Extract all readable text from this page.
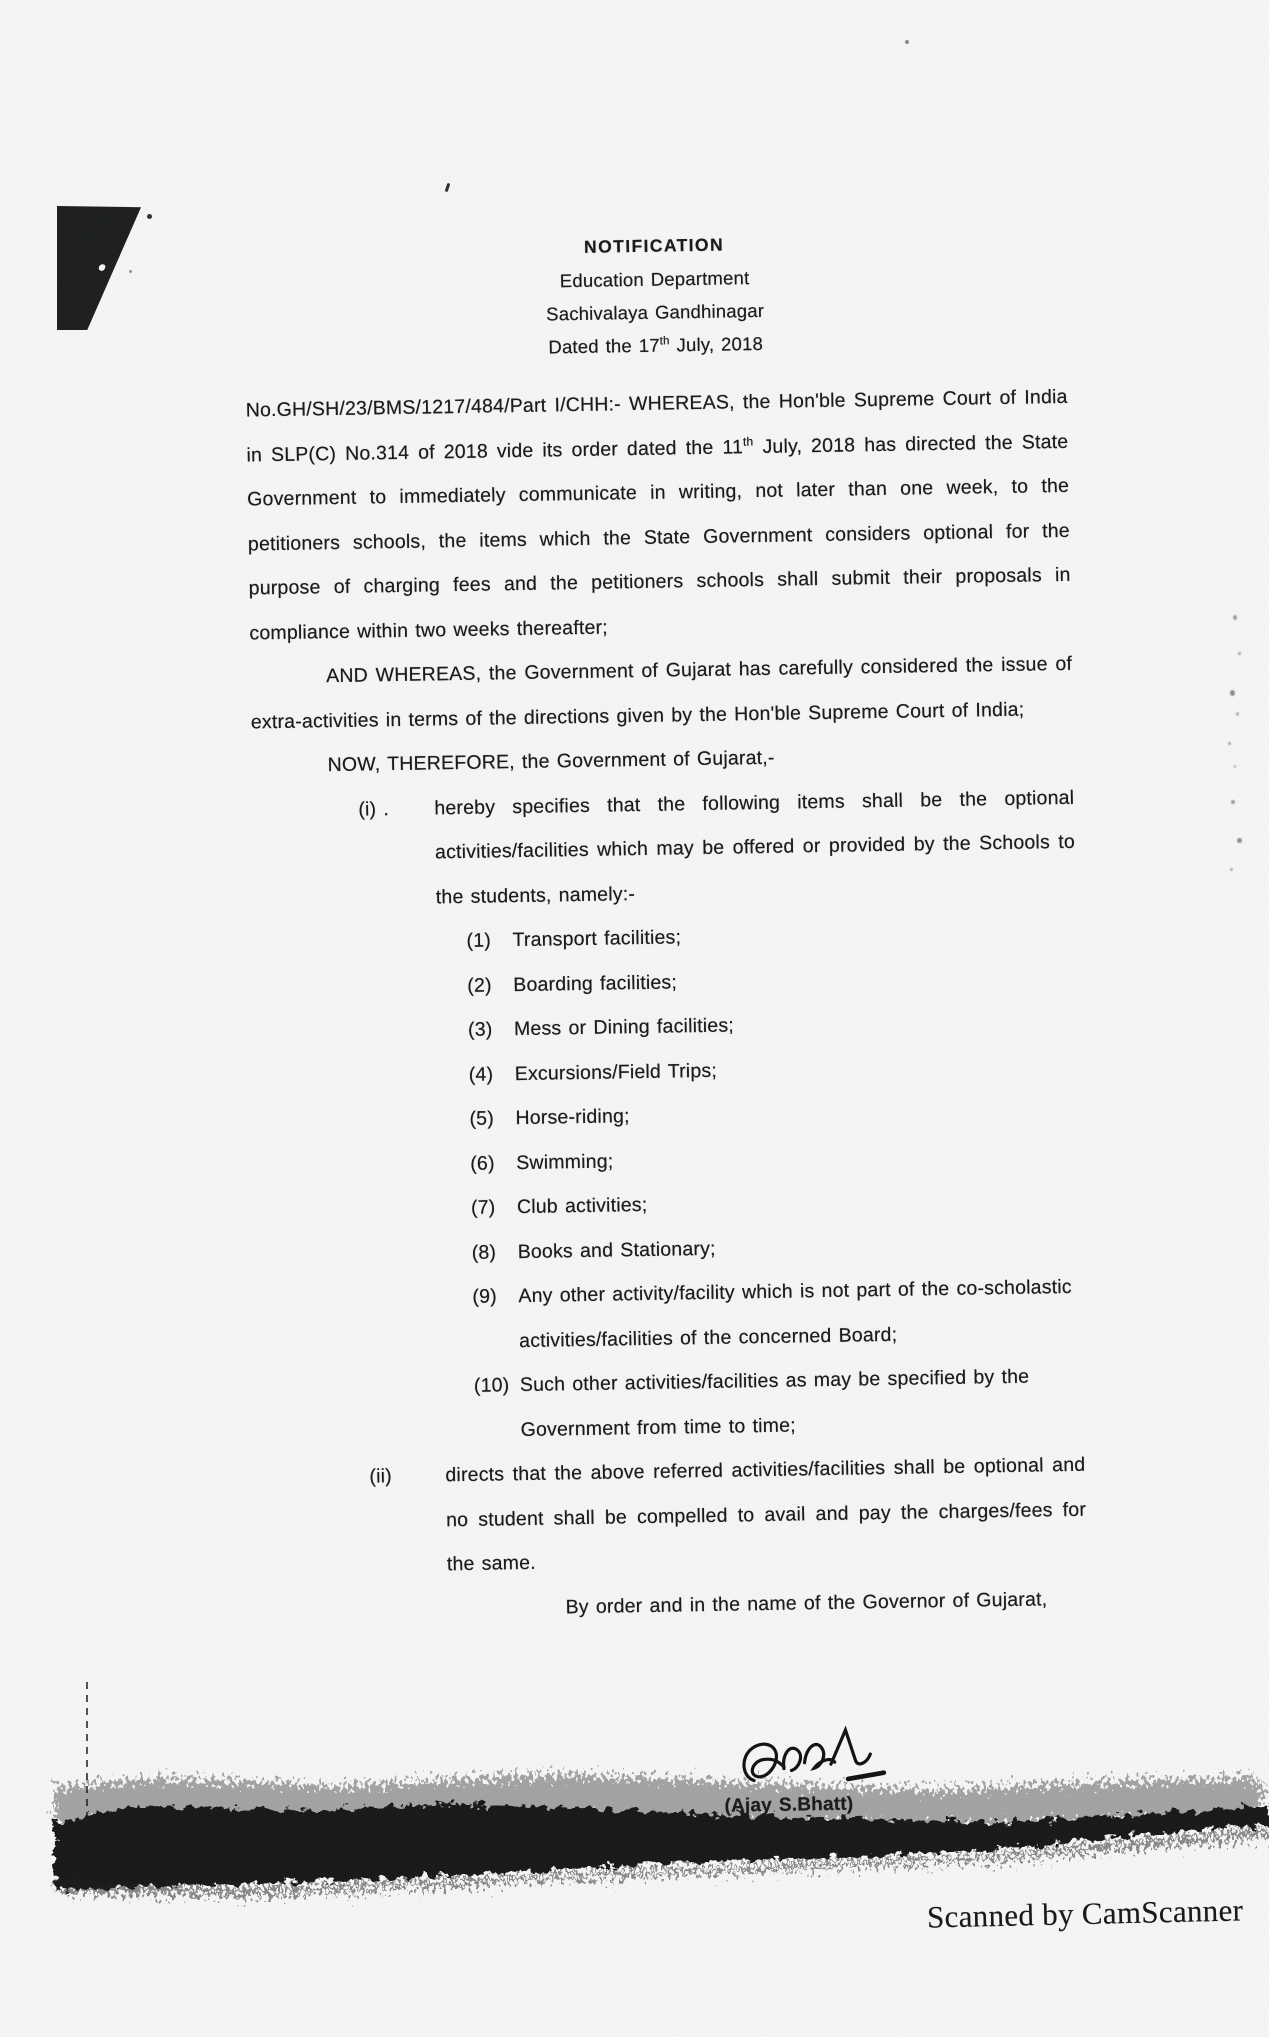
NOTIFICATION
Education Department
Sachivalaya Gandhinagar
Dated the 17th July, 2018

No.GH/SH/23/BMS/1217/484/Part I/CHH:- WHEREAS, the Hon'ble Supreme Court of India in SLP(C) No.314 of 2018 vide its order dated the 11th July, 2018 has directed the State Government to immediately communicate in writing, not later than one week, to the petitioners schools, the items which the State Government considers optional for the purpose of charging fees and the petitioners schools shall submit their proposals in compliance within two weeks thereafter;

AND WHEREAS, the Government of Gujarat has carefully considered the issue of extra-activities in terms of the directions given by the Hon'ble Supreme Court of India;

NOW, THEREFORE, the Government of Gujarat,-

(i) .	hereby specifies that the following items shall be the optional activities/facilities which may be offered or provided by the Schools to the students, namely:-
(1)	Transport facilities;
(2)	Boarding facilities;
(3)	Mess or Dining facilities;
(4)	Excursions/Field Trips;
(5)	Horse-riding;
(6)	Swimming;
(7)	Club activities;
(8)	Books and Stationary;
(9)	Any other activity/facility which is not part of the co-scholastic activities/facilities of the concerned Board;
(10) Such other activities/facilities as may be specified by the Government from time to time;
(ii)	directs that the above referred activities/facilities shall be optional and no student shall be compelled to avail and pay the charges/fees for the same.

By order and in the name of the Governor of Gujarat,

(Ajay S.Bhatt)
Scanned by CamScanner
